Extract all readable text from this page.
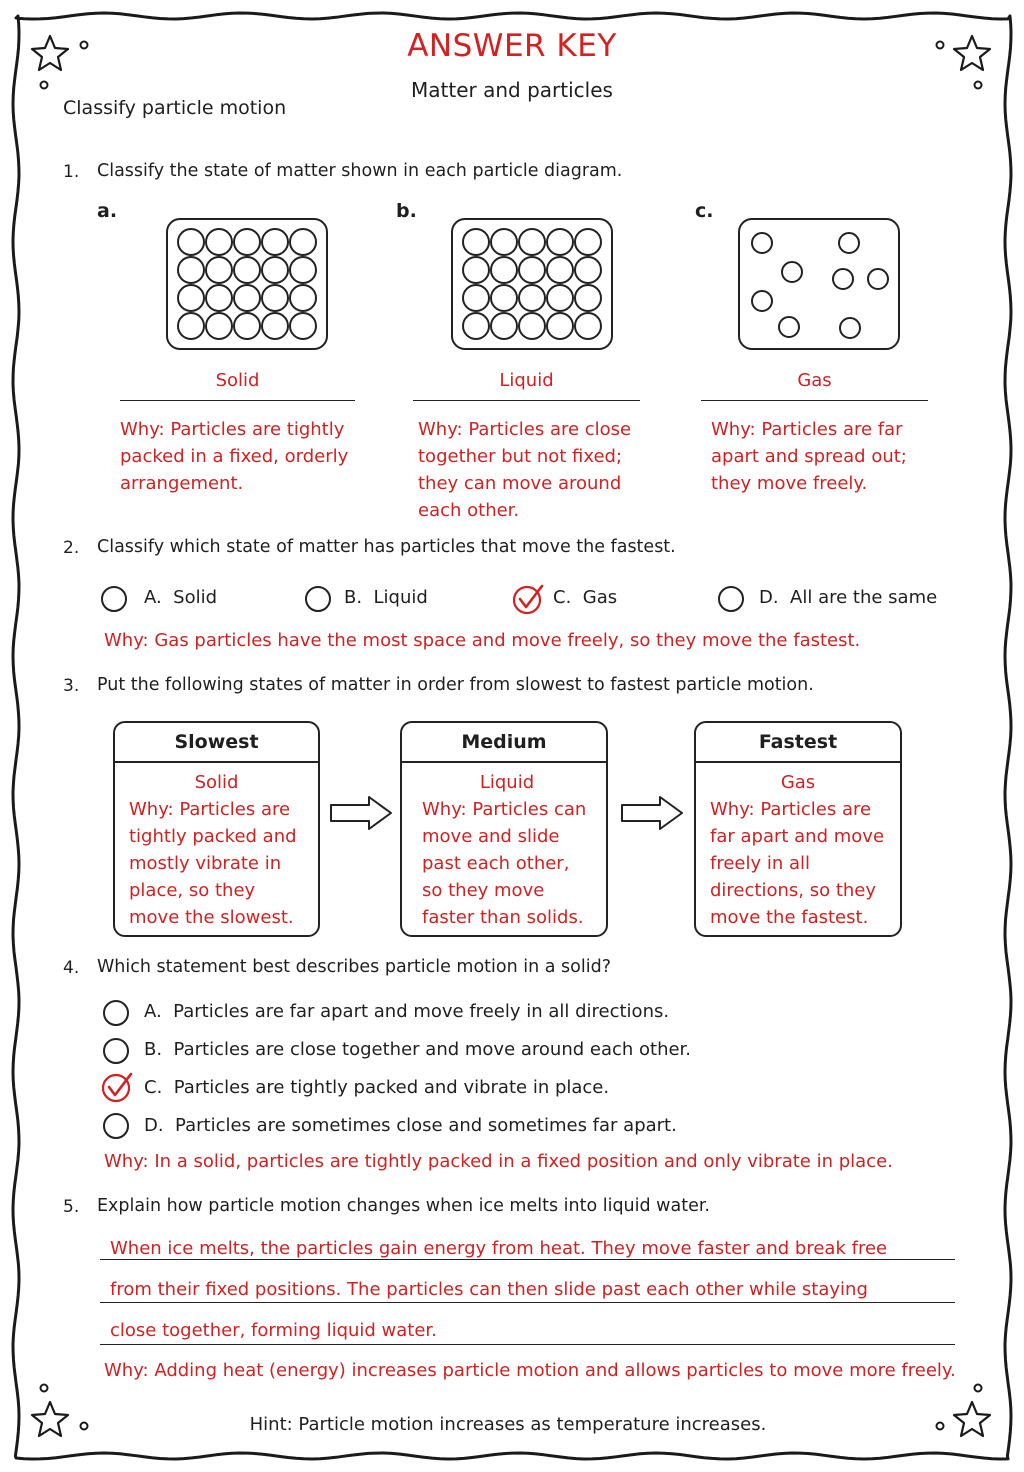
ANSWER KEY
Matter and particles
Classify particle motion
1. Classify the state of matter shown in each particle diagram.
a.	b.	c.
Solid	Liquid	Gas
Why: Particles are tightly
packed in a fixed, orderly
arrangement.
Why: Particles are close
together but not fixed;
they can move around
each other.
Why: Particles are far
apart and spread out;
they move freely.
2. Classify which state of matter has particles that move the fastest.
A. Solid	B. Liquid	C. Gas	D. All are the same
Why: Gas particles have the most space and move freely, so they move the fastest.
3. Put the following states of matter in order from slowest to fastest particle motion.
Slowest
Solid
Why: Particles are
tightly packed and
mostly vibrate in
place, so they
move the slowest.
Medium
Liquid
Why: Particles can
move and slide
past each other,
so they move
faster than solids.
Fastest
Gas
Why: Particles are
far apart and move
freely in all
directions, so they
move the fastest.
4. Which statement best describes particle motion in a solid?
A. Particles are far apart and move freely in all directions.
B. Particles are close together and move around each other.
C. Particles are tightly packed and vibrate in place.
D. Particles are sometimes close and sometimes far apart.
Why: In a solid, particles are tightly packed in a fixed position and only vibrate in place.
5. Explain how particle motion changes when ice melts into liquid water.
When ice melts, the particles gain energy from heat. They move faster and break free
from their fixed positions. The particles can then slide past each other while staying
close together, forming liquid water.
Why: Adding heat (energy) increases particle motion and allows particles to move more freely.
Hint: Particle motion increases as temperature increases.
